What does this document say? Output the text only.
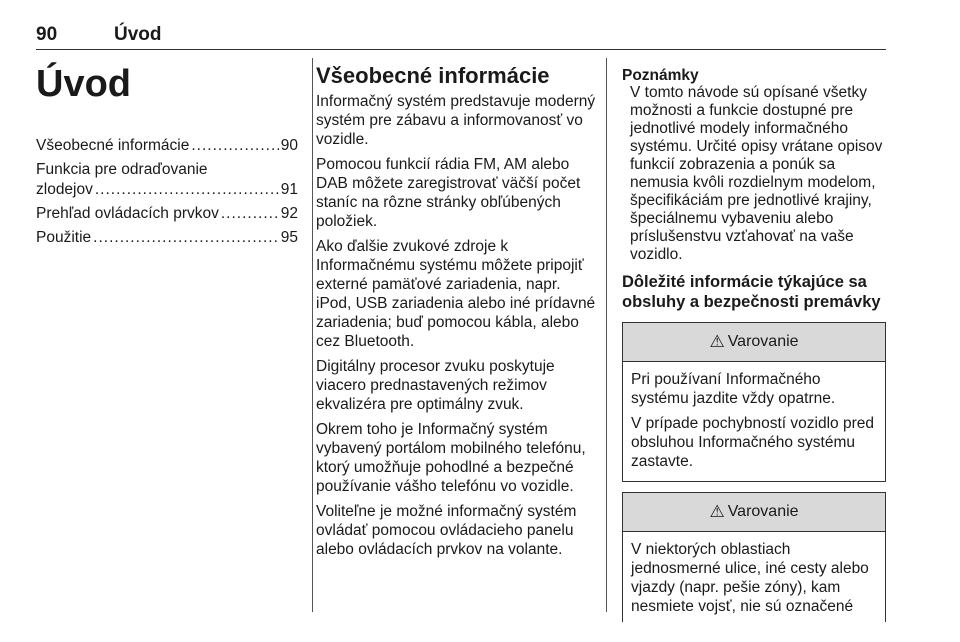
90	Úvod
Úvod
Všeobecné informácie .....	90
Funkcia pre odraďovanie
zlodejov .....	91
Prehľad ovládacích prvkov .....	92
Použitie .....	95
Všeobecné informácie

Informačný systém predstavuje moderný systém pre zábavu a informovanosť vo vozidle.

Pomocou funkcií rádia FM, AM alebo DAB môžete zaregistrovať väčší počet staníc na rôzne stránky obľúbených položiek.

Ako ďalšie zvukové zdroje k Informačnému systému môžete pripojiť externé pamäťové zariadenia, napr. iPod, USB zariadenia alebo iné prídavné zariadenia; buď pomocou kábla, alebo cez Bluetooth.

Digitálny procesor zvuku poskytuje viacero prednastavených režimov ekvalizéra pre optimálny zvuk.

Okrem toho je Informačný systém vybavený portálom mobilného telefónu, ktorý umožňuje pohodlné a bezpečné používanie vášho telefónu vo vozidle.

Voliteľne je možné informačný systém ovládať pomocou ovládacieho panelu alebo ovládacích prvkov na volante.

Poznámky
V tomto návode sú opísané všetky možnosti a funkcie dostupné pre jednotlivé modely informačného systému. Určité opisy vrátane opisov funkcií zobrazenia a ponúk sa nemusia kvôli rozdielnym modelom, špecifikáciám pre jednotlivé krajiny, špeciálnemu vybaveniu alebo príslušenstvu vzťahovať na vaše vozidlo.
Dôležité informácie týkajúce sa obsluhy a bezpečnosti premávky
⚠ Varovanie

Pri používaní Informačného systému jazdite vždy opatrne.

V prípade pochybností vozidlo pred obsluhou Informačného systému zastavte.

⚠ Varovanie

V niektorých oblastiach jednosmerné ulice, iné cesty alebo vjazdy (napr. pešie zóny), kam nesmiete vojsť, nie sú označené
